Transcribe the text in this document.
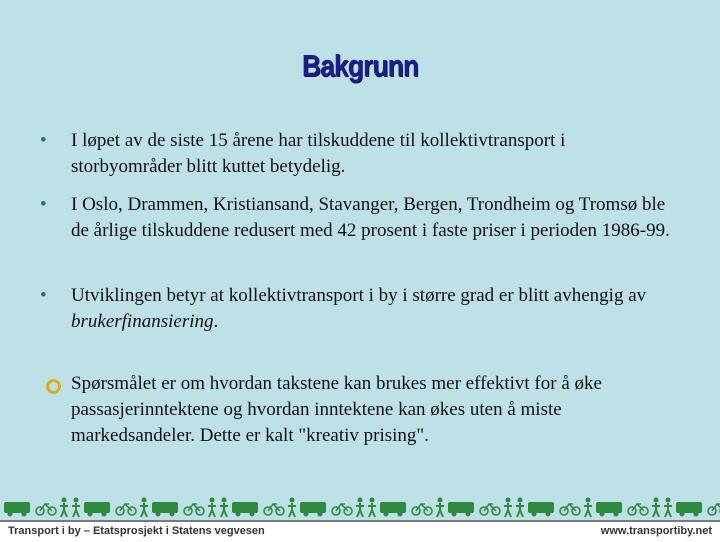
Bakgrunn
•	I løpet av de siste 15 årene har tilskuddene til kollektivtransport i storbyområder blitt kuttet betydelig.
•	I Oslo, Drammen, Kristiansand, Stavanger, Bergen, Trondheim og Tromsø ble de årlige tilskuddene redusert med 42 prosent i faste priser i perioden 1986-99.
•	Utviklingen betyr at kollektivtransport i by i større grad er blitt avhengig av brukerfinansiering.
Spørsmålet er om hvordan takstene kan brukes mer effektivt for å øke passasjerinntektene og hvordan inntektene kan økes uten å miste markedsandeler. Dette er kalt "kreativ prising".
Transport i by – Etatsprosjekt i Statens vegvesen	www.transportiby.net
